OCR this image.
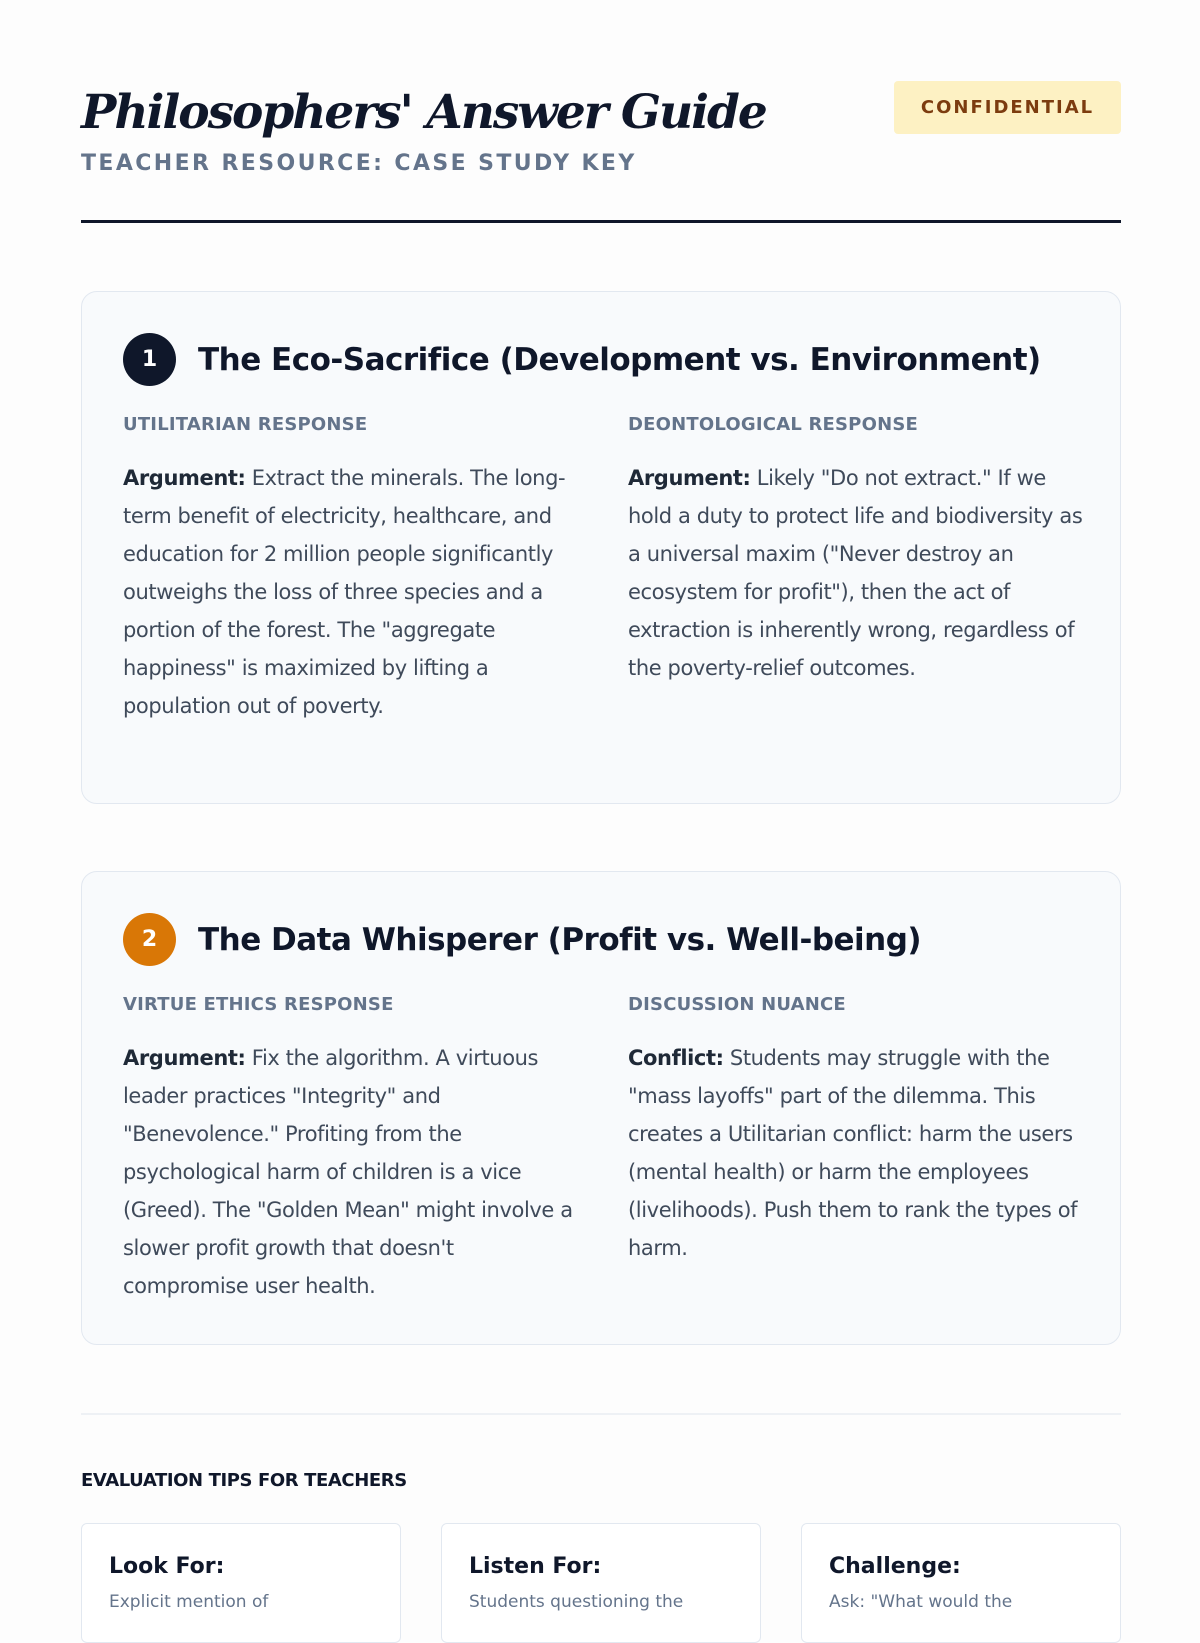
Philosophers' Answer Guide
TEACHER RESOURCE: CASE STUDY KEY
CONFIDENTIAL
1	The Eco-Sacrifice (Development vs. Environment)
UTILITARIAN RESPONSE

Argument: Extract the minerals. The long-term benefit of electricity, healthcare, and education for 2 million people significantly outweighs the loss of three species and a portion of the forest. The "aggregate happiness" is maximized by lifting a population out of poverty.

DEONTOLOGICAL RESPONSE

Argument: Likely "Do not extract." If we hold a duty to protect life and biodiversity as a universal maxim ("Never destroy an ecosystem for profit"), then the act of extraction is inherently wrong, regardless of the poverty-relief outcomes.

2	The Data Whisperer (Profit vs. Well-being)
VIRTUE ETHICS RESPONSE

Argument: Fix the algorithm. A virtuous leader practices "Integrity" and "Benevolence." Profiting from the psychological harm of children is a vice (Greed). The "Golden Mean" might involve a slower profit growth that doesn't compromise user health.

DISCUSSION NUANCE

Conflict: Students may struggle with the "mass layoffs" part of the dilemma. This creates a Utilitarian conflict: harm the users (mental health) or harm the employees (livelihoods). Push them to rank the types of harm.

EVALUATION TIPS FOR TEACHERS
Look For:
Explicit mention of
Listen For:
Students questioning the
Challenge:
Ask: "What would the
